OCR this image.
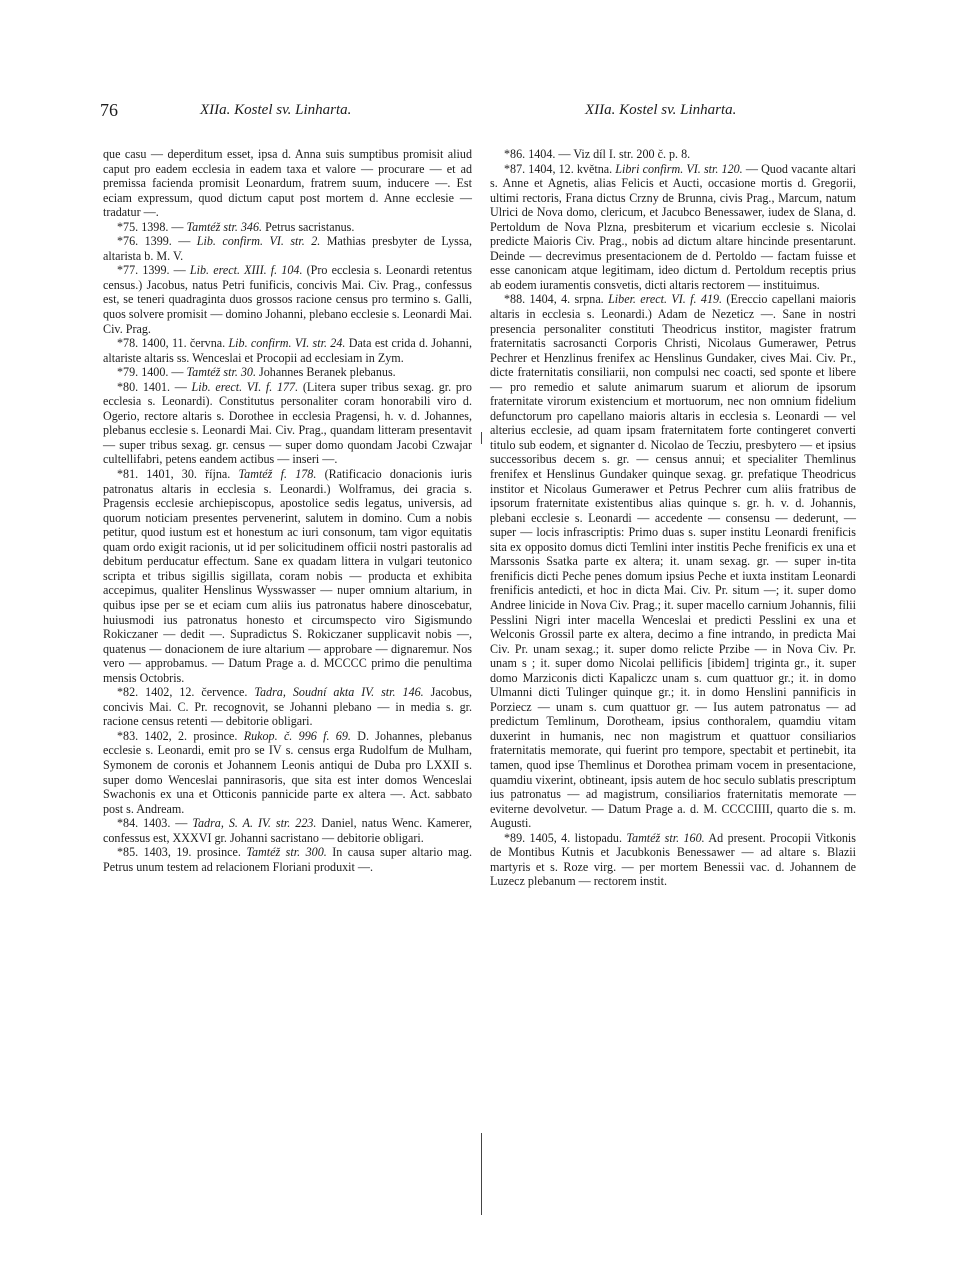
76	XIIa. Kostel sv. Linharta.	XIIa. Kostel sv. Linharta.

que casu — deperditum esset, ipsa d. Anna suis sumptibus promisit aliud caput pro eadem ecclesia in eadem taxa et valore — procurare — et ad premissa facienda promisit Leonardum, fratrem suum, inducere —. Est eciam expressum, quod dictum caput post mortem d. Anne ecclesie — tradatur —.

*75. 1398. — Tamtéž str. 346. Petrus sacristanus.

*76. 1399. — Lib. confirm. VI. str. 2. Mathias presbyter de Lyssa, altarista b. M. V.

*77. 1399. — Lib. erect. XIII. f. 104. (Pro ecclesia s. Leonardi retentus census.) Jacobus, natus Petri funificis, concivis Mai. Civ. Prag., confessus est, se teneri quadraginta duos grossos racione census pro termino s. Galli, quos solvere promisit — domino Johanni, plebano ecclesie s. Leonardi Mai. Civ. Prag.

*78. 1400, 11. června. Lib. confirm. VI. str. 24. Data est crida d. Johanni, altariste altaris ss. Wenceslai et Procopii ad ecclesiam in Zym.

*79. 1400. — Tamtéž str. 30. Johannes Beranek plebanus.

*80. 1401. — Lib. erect. VI. f. 177. (Litera super tribus sexag. gr. pro ecclesia s. Leonardi). Constitutus personaliter coram honorabili viro d. Ogerio, rectore altaris s. Dorothee in ecclesia Pragensi, h. v. d. Johannes, plebanus ecclesie s. Leonardi Mai. Civ. Prag., quandam litteram presentavit — super tribus sexag. gr. census — super domo quondam Jacobi Czwajar cultellifabri, petens eandem actibus — inseri —.

*81. 1401, 30. října. Tamtéž f. 178. (Ratificacio donacionis iuris patronatus altaris in ecclesia s. Leonardi.) Wolframus, dei gracia s. Pragensis ecclesie archiepiscopus, apostolice sedis legatus, universis, ad quorum noticiam presentes pervenerint, salutem in domino. Cum a nobis petitur, quod iustum est et honestum ac iuri consonum, tam vigor equitatis quam ordo exigit racionis, ut id per solicitudinem officii nostri pastoralis ad debitum perducatur effectum. Sane ex quadam littera in vulgari teutonico scripta et tribus sigillis sigillata, coram nobis — producta et exhibita accepimus, qualiter Henslinus Wysswasser — nuper omnium altarium, in quibus ipse per se et eciam cum aliis ius patronatus habere dinoscebatur, huiusmodi ius patronatus honesto et circumspecto viro Sigismundo Rokiczaner — dedit —. Supradictus S. Rokiczaner supplicavit nobis —, quatenus — donacionem de iure altarium — approbare — dignaremur. Nos vero — approbamus. — Datum Prage a. d. MCCCC primo die penultima mensis Octobris.

*82. 1402, 12. července. Tadra, Soudní akta IV. str. 146. Jacobus, concivis Mai. C. Pr. recognovit, se Johanni plebano — in media s. gr. racione census retenti — debitorie obligari.

*83. 1402, 2. prosince. Rukop. č. 996 f. 69. D. Johannes, plebanus ecclesie s. Leonardi, emit pro se IV s. census erga Rudolfum de Mulham, Symonem de coronis et Johannem Leonis antiqui de Duba pro LXXII s. super domo Wenceslai pannirasoris, que sita est inter domos Wenceslai Swachonis ex una et Otticonis pannicide parte ex altera —. Act. sabbato post s. Andream.

*84. 1403. — Tadra, S. A. IV. str. 223. Daniel, natus Wenc. Kamerer, confessus est, XXXVI gr. Johanni sacristano — debitorie obligari.

*85. 1403, 19. prosince. Tamtéž str. 300. In causa super altario mag. Petrus unum testem ad relacionem Floriani produxit —.

*86. 1404. — Viz díl I. str. 200 č. p. 8.

*87. 1404, 12. května. Libri confirm. VI. str. 120. — Quod vacante altari s. Anne et Agnetis, alias Felicis et Aucti, occasione mortis d. Gregorii, ultimi rectoris, Frana dictus Crzny de Brunna, civis Prag., Marcum, natum Ulrici de Nova domo, clericum, et Jacubco Benessawer, iudex de Slana, d. Pertoldum de Nova Plzna, presbiterum et vicarium ecclesie s. Nicolai predicte Maioris Civ. Prag., nobis ad dictum altare hincinde presentarunt. Deinde — decrevimus presentacionem de d. Pertoldo — factam fuisse et esse canonicam atque legitimam, ideo dictum d. Pertoldum receptis prius ab eodem iuramentis consvetis, dicti altaris rectorem — instituimus.

*88. 1404, 4. srpna. Liber. erect. VI. f. 419. (Ereccio capellani maioris altaris in ecclesia s. Leonardi.) Adam de Nezeticz —. Sane in nostri presencia personaliter constituti Theodricus institor, magister fratrum fraternitatis sacrosancti Corporis Christi, Nicolaus Gumerawer, Petrus Pechrer et Henzlinus frenifex ac Henslinus Gundaker, cives Mai. Civ. Pr., dicte fraternitatis consiliarii, non compulsi nec coacti, sed sponte et libere — pro remedio et salute animarum suarum et aliorum de ipsorum fraternitate virorum existencium et mortuorum, nec non omnium fidelium defunctorum pro capellano maioris altaris in ecclesia s. Leonardi — vel alterius ecclesie, ad quam ipsam fraternitatem forte contingeret converti titulo sub eodem, et signanter d. Nicolao de Tecziu, presbytero — et ipsius successoribus decem s. gr. — census annui; et specialiter Themlinus frenifex et Henslinus Gundaker quinque sexag. gr. prefatique Theodricus institor et Nicolaus Gumerawer et Petrus Pechrer cum aliis fratribus de ipsorum fraternitate existentibus alias quinque s. gr. h. v. d. Johannis, plebani ecclesie s. Leonardi — accedente — consensu — dederunt, — super — locis infrascriptis: Primo duas s. super institu Leonardi frenificis sita ex opposito domus dicti Temlini inter institis Peche frenificis ex una et Marssonis Ssatka parte ex altera; it. unam sexag. gr. — super in-tita frenificis dicti Peche penes domum ipsius Peche et iuxta institam Leonardi frenificis antedicti, et hoc in dicta Mai. Civ. Pr. situm —; it. super domo Andree linicide in Nova Civ. Prag.; it. super macello carnium Johannis, filii Pesslini Nigri inter macella Wenceslai et predicti Pesslini ex una et Welconis Grossil parte ex altera, decimo a fine intrando, in predicta Mai Civ. Pr. unam sexag.; it. super domo relicte Przibe — in Nova Civ. Pr. unam s ; it. super domo Nicolai pellificis [ibidem] triginta gr., it. super domo Marziconis dicti Kapaliczc unam s. cum quattuor gr.; it. in domo Ulmanni dicti Tulinger quinque gr.; it. in domo Henslini pannificis in Porziecz — unam s. cum quattuor gr. — Ius autem patronatus — ad predictum Temlinum, Dorotheam, ipsius conthoralem, quamdiu vitam duxerint in humanis, nec non magistrum et quattuor consiliarios fraternitatis memorate, qui fuerint pro tempore, spectabit et pertinebit, ita tamen, quod ipse Themlinus et Dorothea primam vocem in presentacione, quamdiu vixerint, obtineant, ipsis autem de hoc seculo sublatis prescriptum ius patronatus — ad magistrum, consiliarios fraternitatis memorate — eviterne devolvetur. — Datum Prage a. d. M. CCCCIIII, quarto die s. m. Augusti.

*89. 1405, 4. listopadu. Tamtéž str. 160. Ad present. Procopii Vitkonis de Montibus Kutnis et Jacubkonis Benessawer — ad altare s. Blazii martyris et s. Roze virg. — per mortem Benessii vac. d. Johannem de Luzecz plebanum — rectorem instit.
